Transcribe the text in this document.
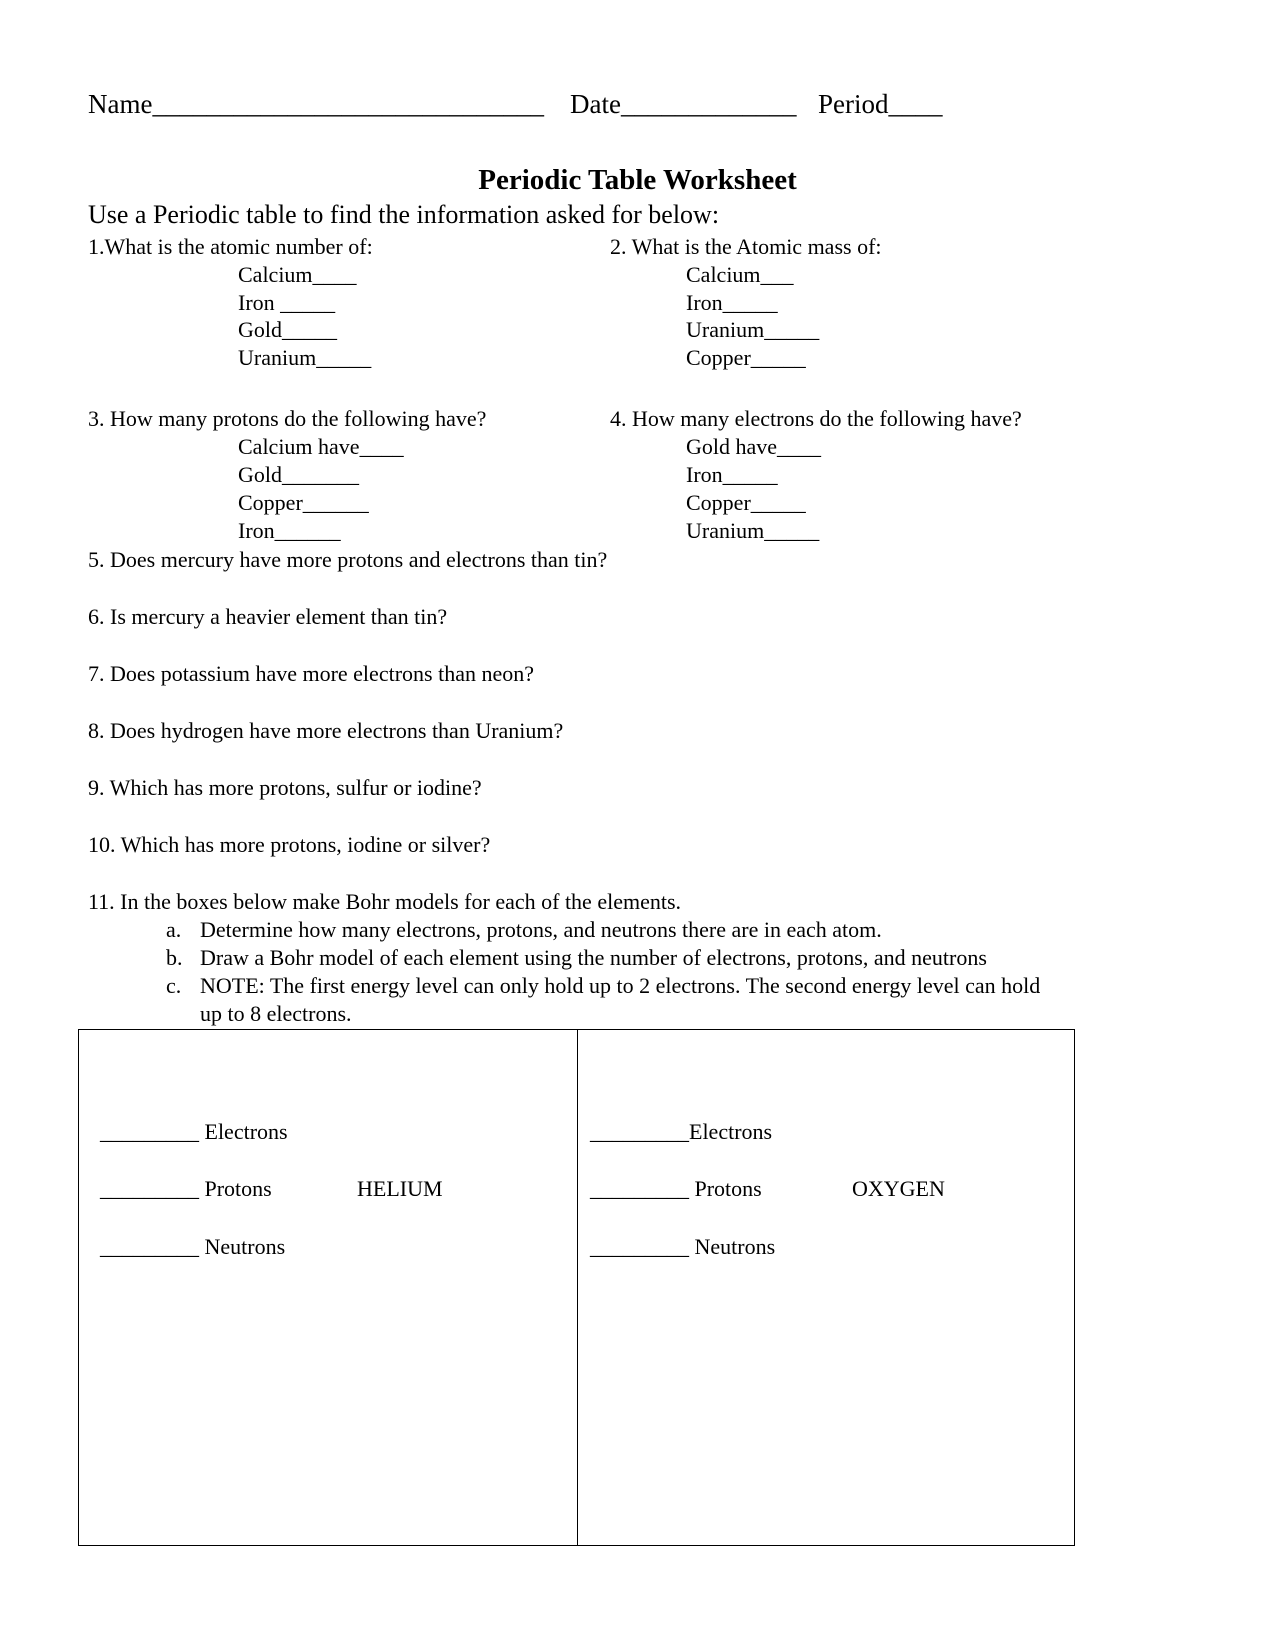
Name_____________________________ Date_____________ Period____
Periodic Table Worksheet
Use a Periodic table to find the information asked for below:
1.What is the atomic number of:
Calcium____
Iron _____
Gold_____
Uranium_____
2. What is the Atomic mass of:
Calcium___
Iron_____
Uranium_____
Copper_____
3. How many protons do the following have?
Calcium have____
Gold_______
Copper______
Iron______
4. How many electrons do the following have?
Gold have____
Iron_____
Copper_____
Uranium_____
5. Does mercury have more protons and electrons than tin?
6. Is mercury a heavier element than tin?
7. Does potassium have more electrons than neon?
8. Does hydrogen have more electrons than Uranium?
9. Which has more protons, sulfur or iodine?
10. Which has more protons, iodine or silver?
11. In the boxes below make Bohr models for each of the elements.
a. Determine how many electrons, protons, and neutrons there are in each atom.
b. Draw a Bohr model of each element using the number of electrons, protons, and neutrons
c. NOTE: The first energy level can only hold up to 2 electrons. The second energy level can hold
up to 8 electrons.
_________ Electrons
_________ Protons	HELIUM
_________ Neutrons
_________Electrons
_________ Protons	OXYGEN
_________ Neutrons
